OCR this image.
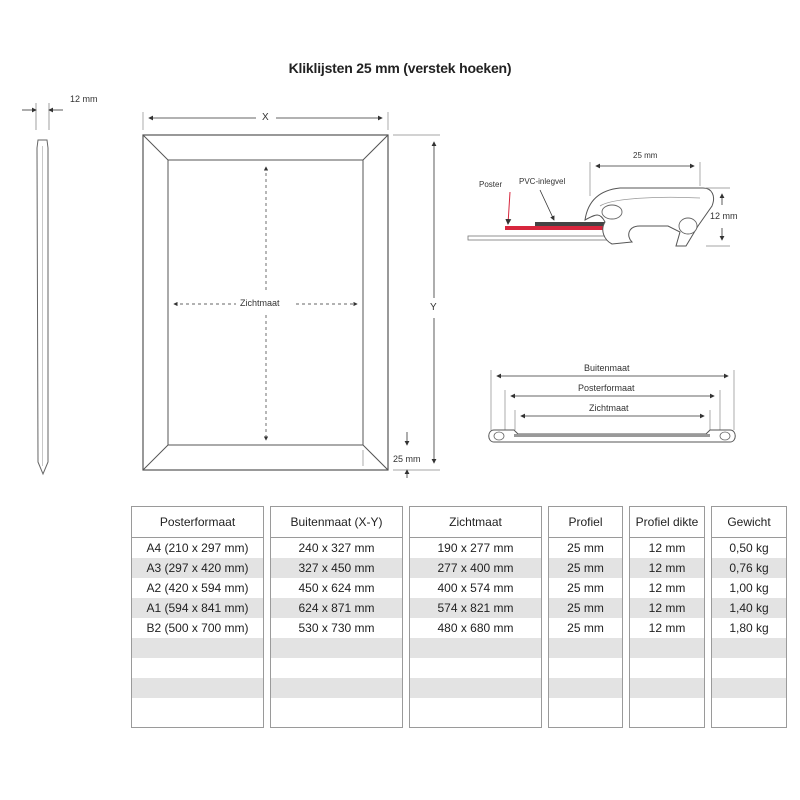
Kliklijsten 25 mm (verstek hoeken)
12 mm
X
Y
Zichtmaat
25 mm
Poster PVC-inlegvel
25 mm
12 mm
Buitenmaat
Posterformaat
Zichtmaat
Posterformaat
A4 (210 x 297 mm)
A3 (297 x 420 mm)
A2 (420 x 594 mm)
A1 (594 x 841 mm)
B2 (500 x 700 mm)
Buitenmaat (X-Y)
240 x 327 mm
327 x 450 mm
450 x 624 mm
624 x 871 mm
530 x 730 mm
Zichtmaat
190 x 277 mm
277 x 400 mm
400 x 574 mm
574 x 821 mm
480 x 680 mm
Profiel
25 mm
25 mm
25 mm
25 mm
25 mm
Profiel dikte
12 mm
12 mm
12 mm
12 mm
12 mm
Gewicht
0,50 kg
0,76 kg
1,00 kg
1,40 kg
1,80 kg
